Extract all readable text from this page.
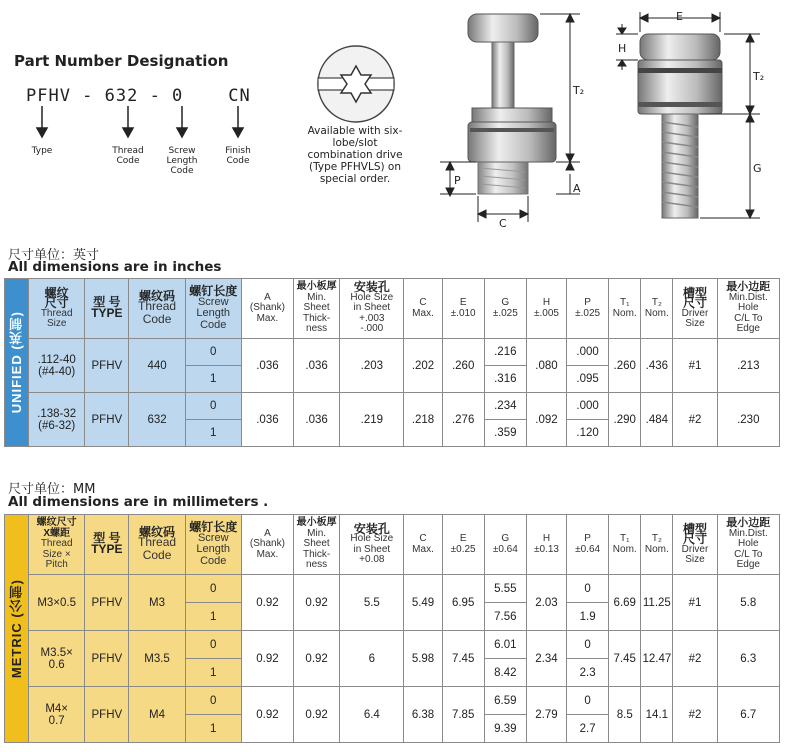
Part Number Designation
PFHV - 632 - 0    CN
Type	Thread
Code
Screw
Length
Code
Finish
Code
Available with six-lobe/slot combination drive (Type PFHVLS) on special order.
T₂
P
A
C
E
H
T₂
G
尺寸单位：英寸
All dimensions are in inches
UNIFIED (英制)	螺纹
尺寸
Thread
Size	型 号
TYPE	螺纹码
Thread
Code	螺钉长度
Screw
Length
Code	A
(Shank)
Max.	最小板厚
Min.
Sheet
Thick-
ness	安装孔
Hole Size
in Sheet
+.003
-.000	C
Max.	E
±.010	G
±.025	H
±.005	P
±.025	T₁
Nom.	T₂
Nom.	槽型
尺寸
Driver
Size	最小边距
Min.Dist.
Hole
C/L To
Edge
	.112-40
(#4-40)	PFHV	440	0	.036	.036	.203	.202	.260	.216	.080	.000	.260	.436	#1	.213
				1						.316		.095				
	.138-32
(#6-32)	PFHV	632	0	.036	.036	.219	.218	.276	.234	.092	.000	.290	.484	#2	.230
				1						.359		.120				
尺寸单位：MM
All dimensions are in millimeters .
METRIC (公制)	螺纹尺寸
X螺距
Thread
Size ×
Pitch	型 号
TYPE	螺纹码
Thread
Code	螺钉长度
Screw
Length
Code	A
(Shank)
Max.	最小板厚
Min.
Sheet
Thick-
ness	安装孔
Hole Size
in Sheet
+0.08	C
Max.	E
±0.25	G
±0.64	H
±0.13	P
±0.64	T₁
Nom.	T₂
Nom.	槽型
尺寸
Driver
Size	最小边距
Min.Dist.
Hole
C/L To
Edge
	M3×0.5	PFHV	M3	0	0.92	0.92	5.5	5.49	6.95	5.55	2.03	0	6.69	11.25	#1	5.8
				1						7.56		1.9				
	M3.5×
0.6	PFHV	M3.5	0	0.92	0.92	6	5.98	7.45	6.01	2.34	0	7.45	12.47	#2	6.3
				1						8.42		2.3				
	M4×
0.7	PFHV	M4	0	0.92	0.92	6.4	6.38	7.85	6.59	2.79	0	8.5	14.1	#2	6.7
				1						9.39		2.7				
